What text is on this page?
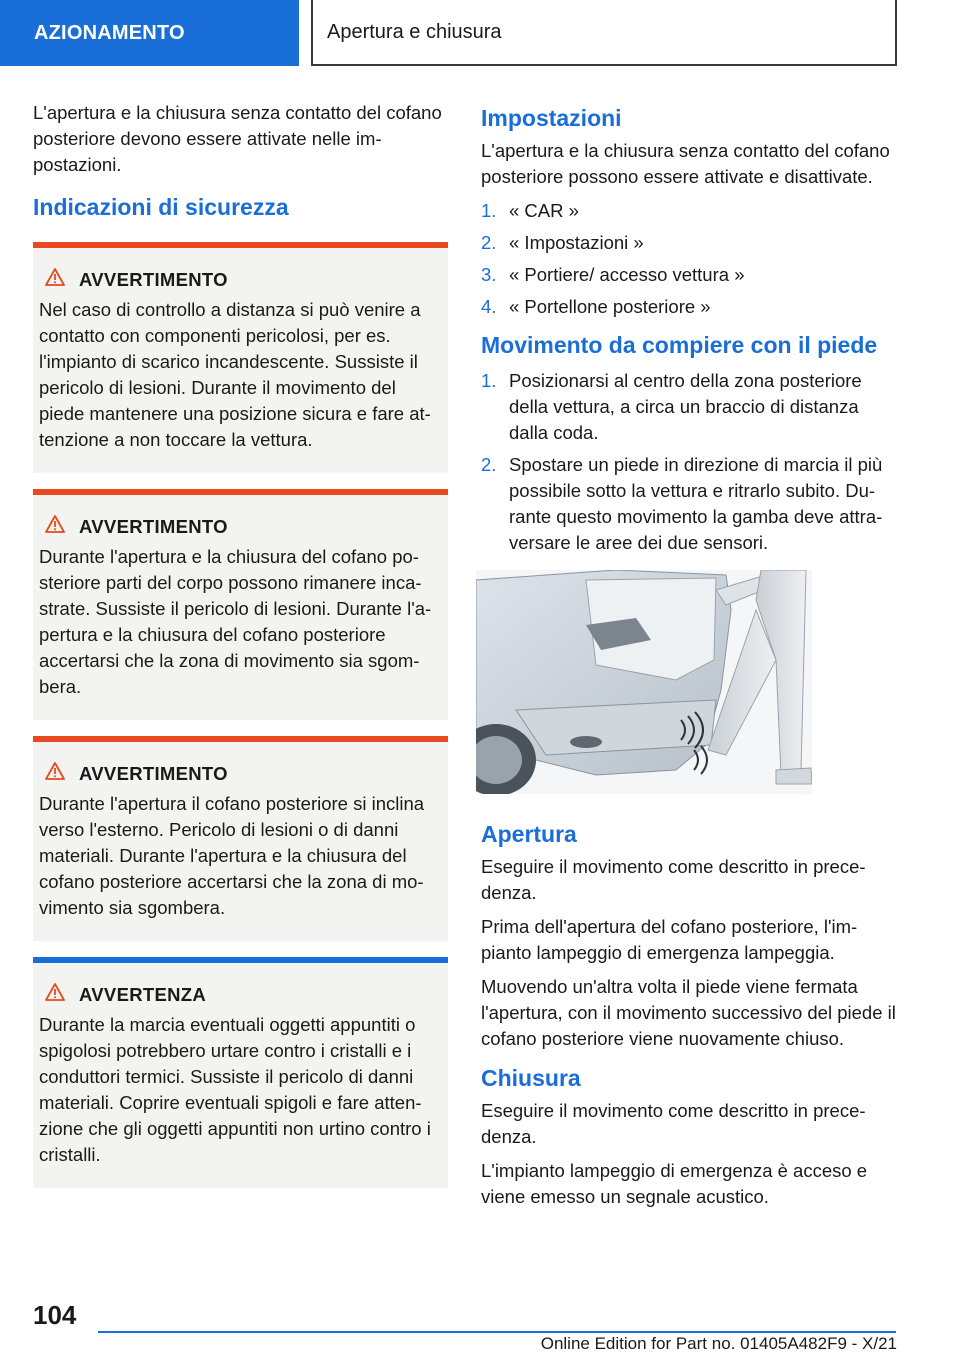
AZIONAMENTO	Apertura e chiusura

L'apertura e la chiusura senza contatto del cofano posteriore devono essere attivate nelle impostazioni.

Indicazioni di sicurezza
AVVERTIMENTO
Nel caso di controllo a distanza si può venire a contatto con componenti pericolosi, per es. l'impianto di scarico incandescente. Sussiste il pericolo di lesioni. Durante il movimento del piede mantenere una posizione sicura e fare attenzione a non toccare la vettura.
AVVERTIMENTO
Durante l'apertura e la chiusura del cofano posteriore parti del corpo possono rimanere incastrate. Sussiste il pericolo di lesioni. Durante l'apertura e la chiusura del cofano posteriore accertarsi che la zona di movimento sia sgombera.
AVVERTIMENTO
Durante l'apertura il cofano posteriore si inclina verso l'esterno. Pericolo di lesioni o di danni materiali. Durante l'apertura e la chiusura del cofano posteriore accertarsi che la zona di movimento sia sgombera.
AVVERTENZA
Durante la marcia eventuali oggetti appuntiti o spigolosi potrebbero urtare contro i cristalli e i conduttori termici. Sussiste il pericolo di danni materiali. Coprire eventuali spigoli e fare attenzione che gli oggetti appuntiti non urtino contro i cristalli.
Impostazioni

L'apertura e la chiusura senza contatto del cofano posteriore possono essere attivate e disattivate.

1. « CAR »
2. « Impostazioni »
3. « Portiere/ accesso vettura »
4. « Portellone posteriore »
Movimento da compiere con il piede
1. Posizionarsi al centro della zona posteriore della vettura, a circa un braccio di distanza dalla coda.
2. Spostare un piede in direzione di marcia il più possibile sotto la vettura e ritrarlo subito. Durante questo movimento la gamba deve attraversare le aree dei due sensori.
Apertura

Eseguire il movimento come descritto in precedenza.

Prima dell'apertura del cofano posteriore, l'impianto lampeggio di emergenza lampeggia.

Muovendo un'altra volta il piede viene fermata l'apertura, con il movimento successivo del piede il cofano posteriore viene nuovamente chiuso.

Chiusura

Eseguire il movimento come descritto in precedenza.

L'impianto lampeggio di emergenza è acceso e viene emesso un segnale acustico.

104
Online Edition for Part no. 01405A482F9 - X/21
